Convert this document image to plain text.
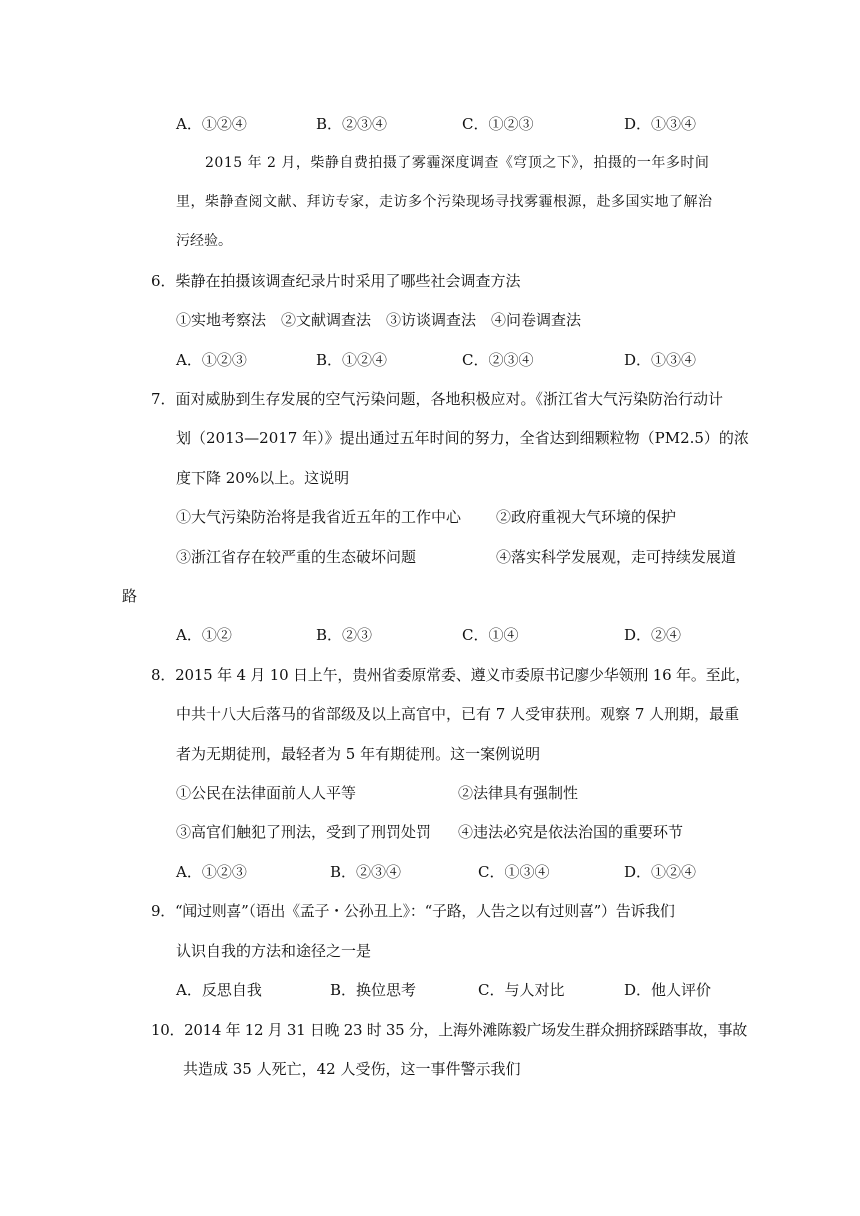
A．①②④	B．②③④	C．①②③	D．①③④
2015 年 2 月，柴静自费拍摄了雾霾深度调查《穹顶之下》，拍摄的一年多时间
里，柴静查阅文献、拜访专家，走访多个污染现场寻找雾霾根源，赴多国实地了解治
污经验。
6．柴静在拍摄该调查纪录片时采用了哪些社会调查方法
①实地考察法　②文献调查法　③访谈调查法　④问卷调查法
A．①②③	B．①②④	C．②③④	D．①③④
7．面对威胁到生存发展的空气污染问题，各地积极应对。《浙江省大气污染防治行动计
划（2013—2017 年）》提出通过五年时间的努力，全省达到细颗粒物（PM2.5）的浓
度下降 20%以上。这说明
①大气污染防治将是我省近五年的工作中心 ②政府重视大气环境的保护
③浙江省存在较严重的生态破坏问题	④落实科学发展观，走可持续发展道
路
A．①②	B．②③	C．①④	D．②④
8．2015 年 4 月 10 日上午，贵州省委原常委、遵义市委原书记廖少华领刑 16 年。至此，
中共十八大后落马的省部级及以上高官中，已有 7 人受审获刑。观察 7 人刑期，最重
者为无期徒刑，最轻者为 5 年有期徒刑。这一案例说明
①公民在法律面前人人平等	②法律具有强制性
③高官们触犯了刑法，受到了刑罚处罚 ④违法必究是依法治国的重要环节
A．①②③	B．②③④	C．①③④	D．①②④
9．“闻过则喜”（语出《孟子・公孙丑上》：“子路，人告之以有过则喜”）告诉我们
认识自我的方法和途径之一是
A．反思自我	B．换位思考	C．与人对比	D．他人评价
10．2014 年 12 月 31 日晚 23 时 35 分，上海外滩陈毅广场发生群众拥挤踩踏事故，事故
共造成 35 人死亡，42 人受伤，这一事件警示我们
